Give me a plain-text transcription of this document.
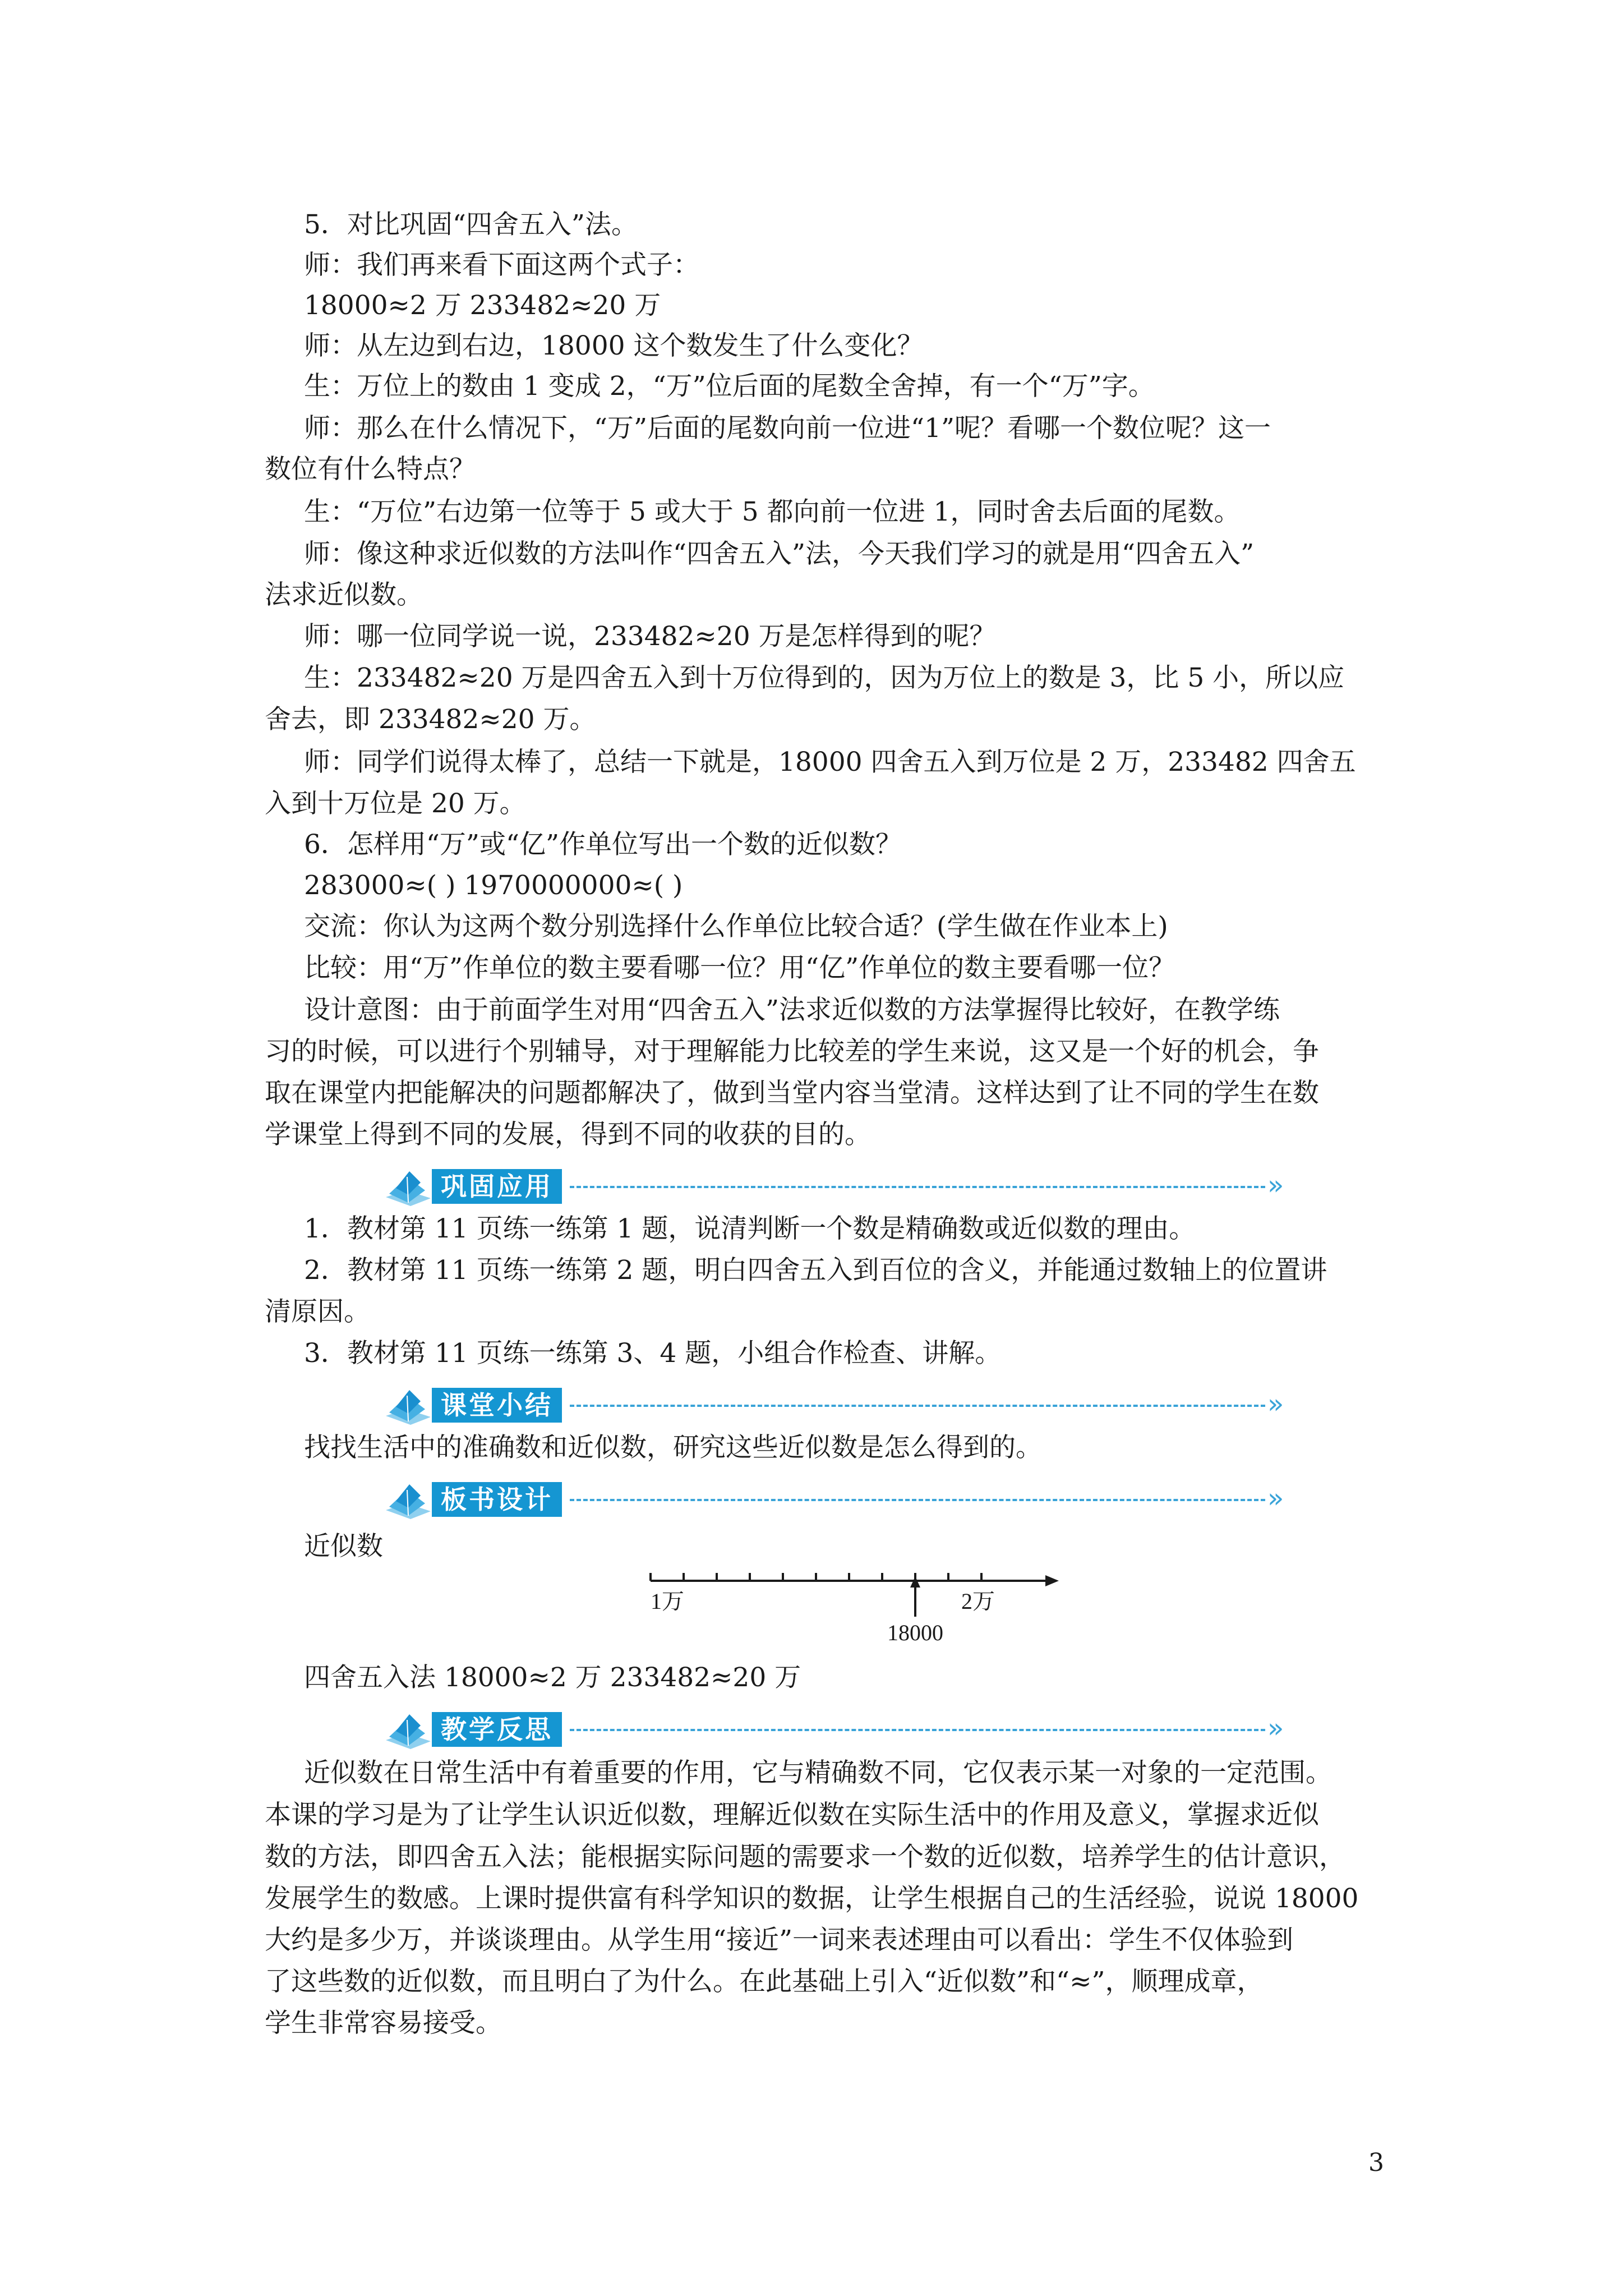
5．对比巩固“四舍五入”法。
师：我们再来看下面这两个式子：
18000≈2 万 233482≈20 万
师：从左边到右边，18000 这个数发生了什么变化？
生：万位上的数由 1 变成 2，“万”位后面的尾数全舍掉，有一个“万”字。
师：那么在什么情况下，“万”后面的尾数向前一位进“1”呢？看哪一个数位呢？这一
数位有什么特点？
生：“万位”右边第一位等于 5 或大于 5 都向前一位进 1，同时舍去后面的尾数。
师：像这种求近似数的方法叫作“四舍五入”法，今天我们学习的就是用“四舍五入”
法求近似数。
师：哪一位同学说一说，233482≈20 万是怎样得到的呢？
生：233482≈20 万是四舍五入到十万位得到的，因为万位上的数是 3，比 5 小，所以应
舍去，即 233482≈20 万。
师：同学们说得太棒了，总结一下就是，18000 四舍五入到万位是 2 万，233482 四舍五
入到十万位是 20 万。
6．怎样用“万”或“亿”作单位写出一个数的近似数？
283000≈( ) 1970000000≈( )
交流：你认为这两个数分别选择什么作单位比较合适？(学生做在作业本上)
比较：用“万”作单位的数主要看哪一位？用“亿”作单位的数主要看哪一位？
设计意图：由于前面学生对用“四舍五入”法求近似数的方法掌握得比较好，在教学练
习的时候，可以进行个别辅导，对于理解能力比较差的学生来说，这又是一个好的机会，争
取在课堂内把能解决的问题都解决了，做到当堂内容当堂清。这样达到了让不同的学生在数
学课堂上得到不同的发展，得到不同的收获的目的。
巩固应用	»
1．教材第 11 页练一练第 1 题，说清判断一个数是精确数或近似数的理由。
2．教材第 11 页练一练第 2 题，明白四舍五入到百位的含义，并能通过数轴上的位置讲
清原因。
3．教材第 11 页练一练第 3、4 题，小组合作检查、讲解。
课堂小结	»
找找生活中的准确数和近似数，研究这些近似数是怎么得到的。
板书设计	»
近似数
1万	2万
18000
四舍五入法 18000≈2 万 233482≈20 万
教学反思	»
近似数在日常生活中有着重要的作用，它与精确数不同，它仅表示某一对象的一定范围。
本课的学习是为了让学生认识近似数，理解近似数在实际生活中的作用及意义，掌握求近似
数的方法，即四舍五入法；能根据实际问题的需要求一个数的近似数，培养学生的估计意识，
发展学生的数感。上课时提供富有科学知识的数据，让学生根据自己的生活经验，说说 18000
大约是多少万，并谈谈理由。从学生用“接近”一词来表述理由可以看出：学生不仅体验到
了这些数的近似数，而且明白了为什么。在此基础上引入“近似数”和“≈”，顺理成章，
学生非常容易接受。
3
